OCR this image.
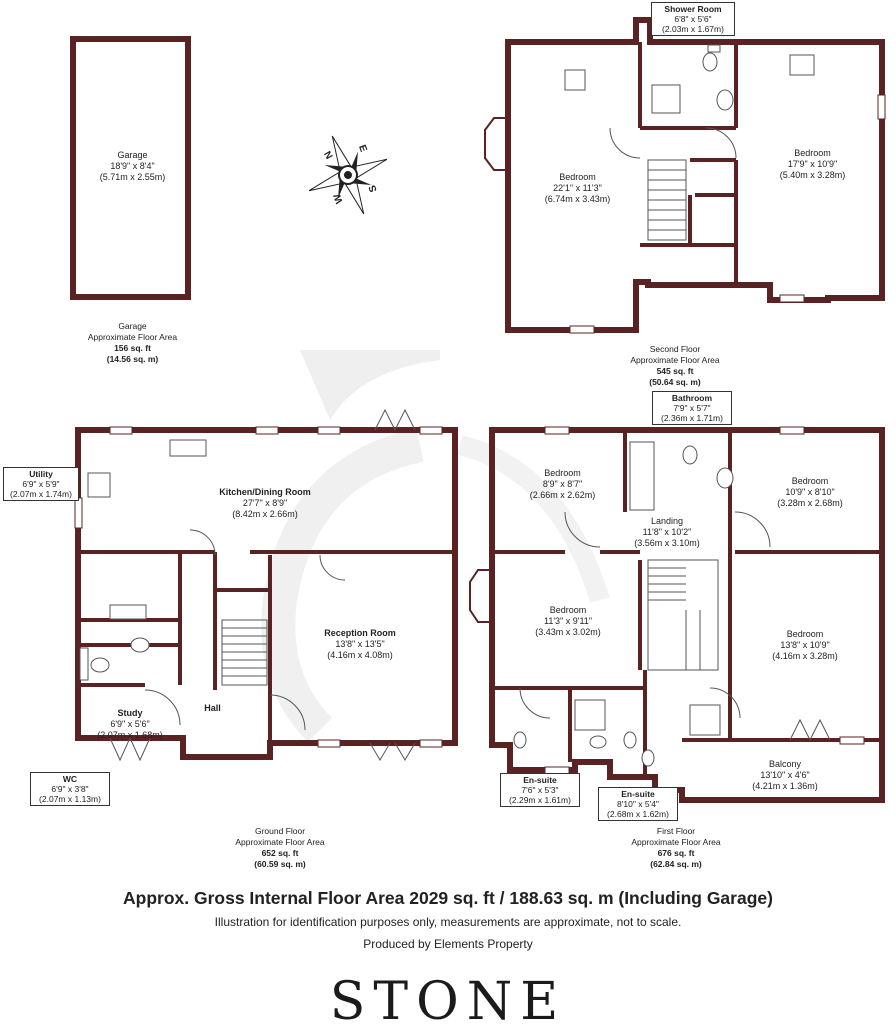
N
E
S
W
Garage
18'9" x 8'4"
(5.71m x 2.55m)
Garage
Approximate Floor Area
156 sq. ft
(14.56 sq. m)
Shower Room
6'8" x 5'6"
(2.03m x 1.67m)
Bedroom
22'1" x 11'3"
(6.74m x 3.43m)
Bedroom
17'9" x 10'9"
(5.40m x 3.28m)
Second Floor
Approximate Floor Area
545 sq. ft
(50.64 sq. m)
Utility
6'9" x 5'9"
(2.07m x 1.74m)	Kitchen/Dining Room
27'7" x 8'9"
(8.42m x 2.66m)
Reception Room
13'8" x 13'5"
(4.16m x 4.08m)
Hall
Study
6'9" x 5'6"
(2.07m x 1.68m)
WC
6'9" x 3'8"
(2.07m x 1.13m)
Ground Floor
Approximate Floor Area
652 sq. ft
(60.59 sq. m)
Bathroom
7'9" x 5'7"
(2.36m x 1.71m)
Bedroom
8'9" x 8'7"
(2.66m x 2.62m)
Bedroom
10'9" x 8'10"
(3.28m x 2.68m)
Landing
11'8" x 10'2"
(3.56m x 3.10m)
Bedroom
11'3" x 9'11"
(3.43m x 3.02m)	Bedroom
13'8" x 10'9"
(4.16m x 3.28m)
Balcony
13'10" x 4'6"
(4.21m x 1.36m)
En-suite
7'6" x 5'3"
(2.29m x 1.61m)
En-suite
8'10" x 5'4"
(2.68m x 1.62m)
First Floor
Approximate Floor Area
676 sq. ft
(62.84 sq. m)
Approx. Gross Internal Floor Area 2029 sq. ft / 188.63 sq. m (Including Garage)
Illustration for identification purposes only, measurements are approximate, not to scale.
Produced by Elements Property
STONE
